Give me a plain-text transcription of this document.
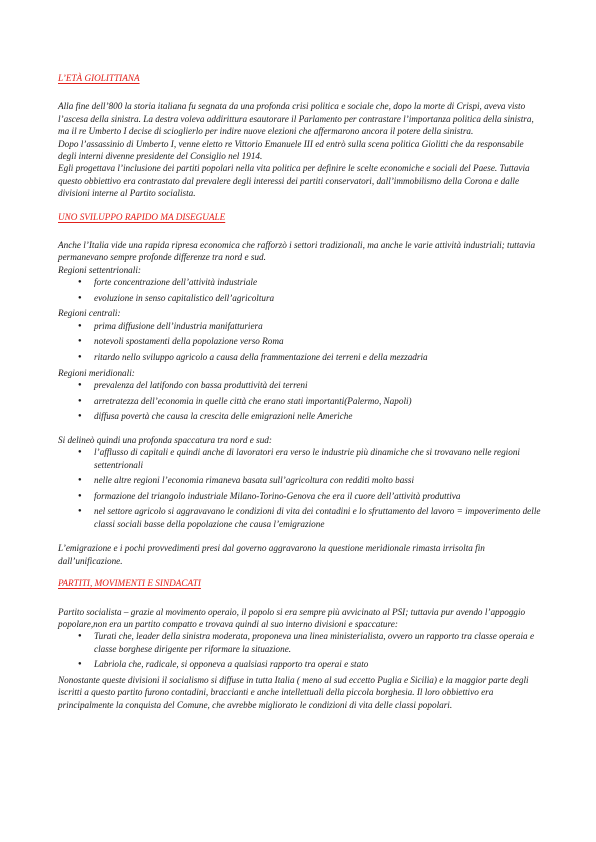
L’ETÀ GIOLITTIANA

Alla fine dell’800 la storia italiana fu segnata da una profonda crisi politica e sociale che, dopo la morte di Crispi, aveva visto l’ascesa della sinistra. La destra voleva addirittura esautorare il Parlamento per contrastare l’importanza politica della sinistra, ma il re Umberto I decise di scioglierlo per indire nuove elezioni che affermarono ancora il potere della sinistra.

Dopo l’assassinio di Umberto I, venne eletto re Vittorio Emanuele III ed entrò sulla scena politica Giolitti che da responsabile degli interni divenne presidente del Consiglio nel 1914.

Egli progettava l’inclusione dei partiti popolari nella vita politica per definire le scelte economiche e sociali del Paese. Tuttavia questo obbiettivo era contrastato dal prevalere degli interessi dei partiti conservatori, dall’immobilismo della Corona e dalle divisioni interne al Partito socialista.

UNO SVILUPPO RAPIDO MA DISEGUALE

Anche l’Italia vide una rapida ripresa economica che rafforzò i settori tradizionali, ma anche le varie attività industriali; tuttavia permanevano sempre profonde differenze tra nord e sud.

Regioni settentrionali:

● forte concentrazione dell’attività industriale
● evoluzione in senso capitalistico dell’agricoltura

Regioni centrali:

● prima diffusione dell’industria manifatturiera
● notevoli spostamenti della popolazione verso Roma
● ritardo nello sviluppo agricolo a causa della frammentazione dei terreni e della mezzadria

Regioni meridionali:

● prevalenza del latifondo con bassa produttività dei terreni
● arretratezza dell’economia in quelle città che erano stati importanti(Palermo, Napoli)
● diffusa povertà che causa la crescita delle emigrazioni nelle Americhe

Si delineò quindi una profonda spaccatura tra nord e sud:

● l’afflusso di capitali e quindi anche di lavoratori era verso le industrie più dinamiche che si trovavano nelle regioni settentrionali
● nelle altre regioni l’economia rimaneva basata sull’agricoltura con redditi molto bassi
● formazione del triangolo industriale Milano-Torino-Genova che era il cuore dell’attività produttiva
● nel settore agricolo si aggravavano le condizioni di vita dei contadini e lo sfruttamento del lavoro = impoverimento delle classi sociali basse della popolazione che causa l’emigrazione

L’emigrazione e i pochi provvedimenti presi dal governo aggravarono la questione meridionale rimasta irrisolta fin dall’unificazione.

PARTITI, MOVIMENTI E SINDACATI

Partito socialista – grazie al movimento operaio, il popolo si era sempre più avvicinato al PSI; tuttavia pur avendo l’appoggio popolare,non era un partito compatto e trovava quindi al suo interno divisioni e spaccature:

● Turati che, leader della sinistra moderata, proponeva una linea ministerialista, ovvero un rapporto tra classe operaia e classe borghese dirigente per riformare la situazione.
● Labriola che, radicale, si opponeva a qualsiasi rapporto tra operai e stato

Nonostante queste divisioni il socialismo si diffuse in tutta Italia ( meno al sud eccetto Puglia e Sicilia) e la maggior parte degli iscritti a questo partito furono contadini, braccianti e anche intellettuali della piccola borghesia. Il loro obbiettivo era principalmente la conquista del Comune, che avrebbe migliorato le condizioni di vita delle classi popolari.
